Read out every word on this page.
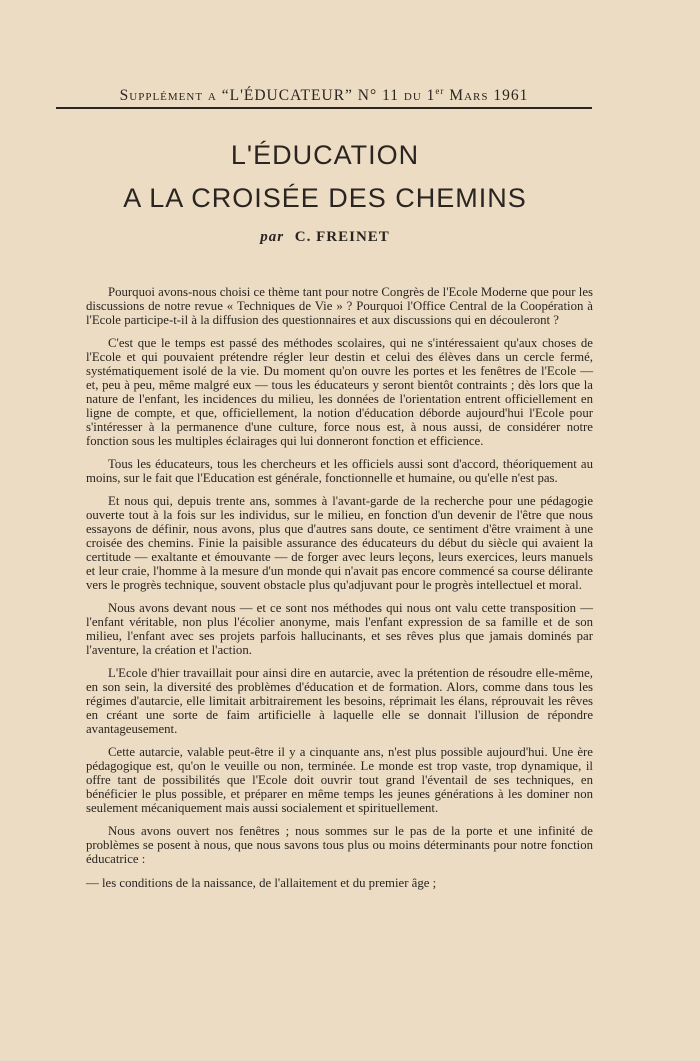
Supplément a “L'ÉDUCATEUR” N° 11 du 1er Mars 1961
L'ÉDUCATION
A LA CROISÉE DES CHEMINS
par C. FREINET

Pourquoi avons-nous choisi ce thème tant pour notre Congrès de l'Ecole Moderne que pour les discussions de notre revue « Techniques de Vie » ? Pourquoi l'Office Central de la Coopération à l'Ecole participe-t-il à la diffusion des questionnaires et aux discussions qui en découleront ?

C'est que le temps est passé des méthodes scolaires, qui ne s'intéressaient qu'aux choses de l'Ecole et qui pouvaient prétendre régler leur destin et celui des élèves dans un cercle fermé, systématiquement isolé de la vie. Du moment qu'on ouvre les portes et les fenêtres de l'Ecole — et, peu à peu, même malgré eux — tous les éducateurs y seront bientôt contraints ; dès lors que la nature de l'enfant, les incidences du milieu, les données de l'orientation entrent officiellement en ligne de compte, et que, officiellement, la notion d'éducation déborde aujourd'hui l'Ecole pour s'intéresser à la permanence d'une culture, force nous est, à nous aussi, de considérer notre fonction sous les multiples éclairages qui lui donneront fonction et efficience.

Tous les éducateurs, tous les chercheurs et les officiels aussi sont d'accord, théoriquement au moins, sur le fait que l'Education est générale, fonctionnelle et humaine, ou qu'elle n'est pas.

Et nous qui, depuis trente ans, sommes à l'avant-garde de la recherche pour une pédagogie ouverte tout à la fois sur les individus, sur le milieu, en fonction d'un devenir de l'être que nous essayons de définir, nous avons, plus que d'autres sans doute, ce sentiment d'être vraiment à une croisée des chemins. Finie la paisible assurance des éducateurs du début du siècle qui avaient la certitude — exaltante et émouvante — de forger avec leurs leçons, leurs exercices, leurs manuels et leur craie, l'homme à la mesure d'un monde qui n'avait pas encore commencé sa course délirante vers le progrès technique, souvent obstacle plus qu'adjuvant pour le progrès intellectuel et moral.

Nous avons devant nous — et ce sont nos méthodes qui nous ont valu cette transposition — l'enfant véritable, non plus l'écolier anonyme, mais l'enfant expression de sa famille et de son milieu, l'enfant avec ses projets parfois hallucinants, et ses rêves plus que jamais dominés par l'aventure, la création et l'action.

L'Ecole d'hier travaillait pour ainsi dire en autarcie, avec la prétention de résoudre elle-même, en son sein, la diversité des problèmes d'éducation et de formation. Alors, comme dans tous les régimes d'autarcie, elle limitait arbitrairement les besoins, réprimait les élans, réprouvait les rêves en créant une sorte de faim artificielle à laquelle elle se donnait l'illusion de répondre avantageusement.

Cette autarcie, valable peut-être il y a cinquante ans, n'est plus possible aujourd'hui. Une ère pédagogique est, qu'on le veuille ou non, terminée. Le monde est trop vaste, trop dynamique, il offre tant de possibilités que l'Ecole doit ouvrir tout grand l'éventail de ses techniques, en bénéficier le plus possible, et préparer en même temps les jeunes générations à les dominer non seulement mécaniquement mais aussi socialement et spirituellement.

Nous avons ouvert nos fenêtres ; nous sommes sur le pas de la porte et une infinité de problèmes se posent à nous, que nous savons tous plus ou moins déterminants pour notre fonction éducatrice :

— les conditions de la naissance, de l'allaitement et du premier âge ;
